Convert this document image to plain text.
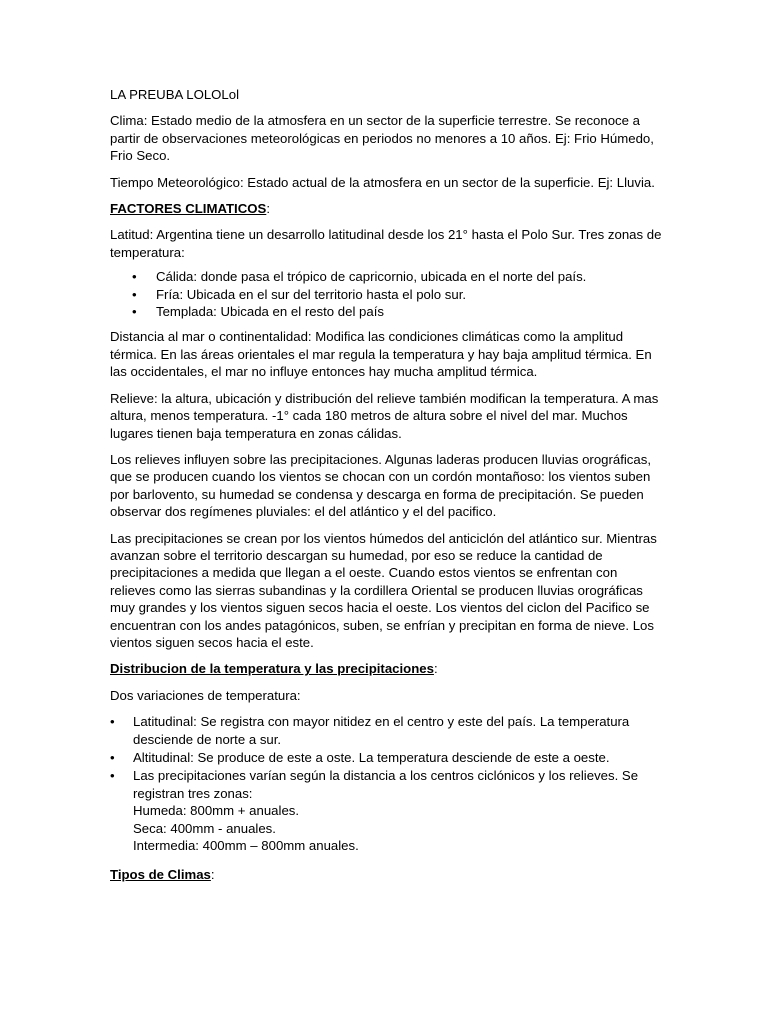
LA PREUBA LOLOLol

Clima: Estado medio de la atmosfera en un sector de la superficie terrestre. Se reconoce a partir de observaciones meteorológicas en periodos no menores a 10 años. Ej: Frio Húmedo, Frio Seco.

Tiempo Meteorológico: Estado actual de la atmosfera en un sector de la superficie. Ej: Lluvia.

FACTORES CLIMATICOS:

Latitud: Argentina tiene un desarrollo latitudinal desde los 21° hasta el Polo Sur. Tres zonas de temperatura:

• Cálida: donde pasa el trópico de capricornio, ubicada en el norte del país.
• Fría: Ubicada en el sur del territorio hasta el polo sur.
• Templada: Ubicada en el resto del país

Distancia al mar o continentalidad: Modifica las condiciones climáticas como la amplitud térmica. En las áreas orientales el mar regula la temperatura y hay baja amplitud térmica. En las occidentales, el mar no influye entonces hay mucha amplitud térmica.

Relieve: la altura, ubicación y distribución del relieve también modifican la temperatura. A mas altura, menos temperatura. -1° cada 180 metros de altura sobre el nivel del mar. Muchos lugares tienen baja temperatura en zonas cálidas.

Los relieves influyen sobre las precipitaciones. Algunas laderas producen lluvias orográficas, que se producen cuando los vientos se chocan con un cordón montañoso: los vientos suben por barlovento, su humedad se condensa y descarga en forma de precipitación. Se pueden observar dos regímenes pluviales: el del atlántico y el del pacifico.

Las precipitaciones se crean por los vientos húmedos del anticiclón del atlántico sur. Mientras avanzan sobre el territorio descargan su humedad, por eso se reduce la cantidad de precipitaciones a medida que llegan a el oeste. Cuando estos vientos se enfrentan con relieves como las sierras subandinas y la cordillera Oriental se producen lluvias orográficas muy grandes y los vientos siguen secos hacia el oeste. Los vientos del ciclon del Pacifico se encuentran con los andes patagónicos, suben, se enfrían y precipitan en forma de nieve. Los vientos siguen secos hacia el este.

Distribucion de la temperatura y las precipitaciones:

Dos variaciones de temperatura:

• Latitudinal: Se registra con mayor nitidez en el centro y este del país. La temperatura desciende de norte a sur.
• Altitudinal: Se produce de este a oste. La temperatura desciende de este a oeste.
• Las precipitaciones varían según la distancia a los centros ciclónicos y los relieves. Se registran tres zonas:
Humeda: 800mm + anuales.
Seca: 400mm - anuales.
Intermedia: 400mm – 800mm anuales.

Tipos de Climas:
